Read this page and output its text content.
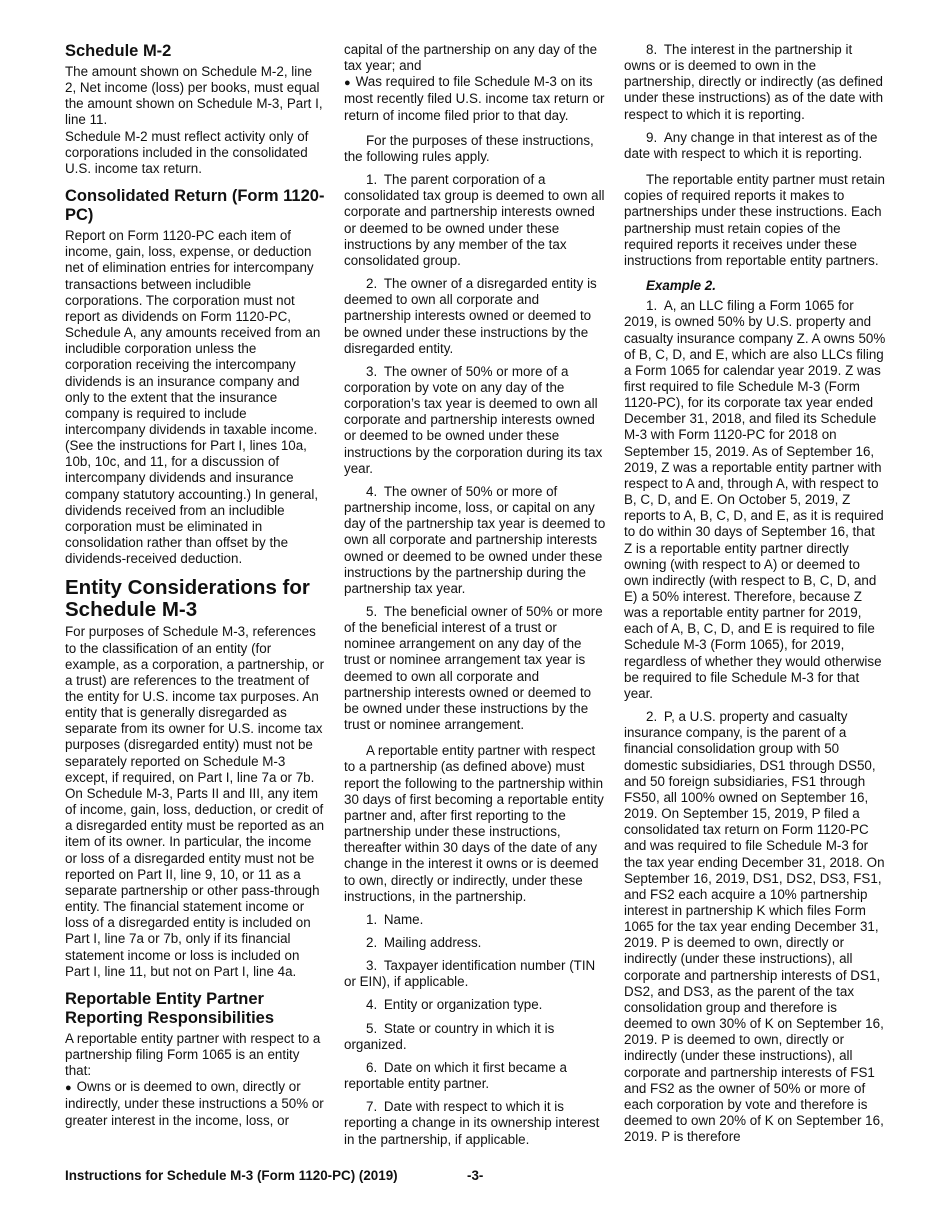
Schedule M-2

The amount shown on Schedule M-2, line 2, Net income (loss) per books, must equal the amount shown on Schedule M-3, Part I, line 11.

Schedule M-2 must reflect activity only of corporations included in the consolidated U.S. income tax return.

Consolidated Return (Form 1120-PC)

Report on Form 1120-PC each item of income, gain, loss, expense, or deduction net of elimination entries for intercompany transactions between includible corporations. The corporation must not report as dividends on Form 1120-PC, Schedule A, any amounts received from an includible corporation unless the corporation receiving the intercompany dividends is an insurance company and only to the extent that the insurance company is required to include intercompany dividends in taxable income. (See the instructions for Part I, lines 10a, 10b, 10c, and 11, for a discussion of intercompany dividends and insurance company statutory accounting.) In general, dividends received from an includible corporation must be eliminated in consolidation rather than offset by the dividends-received deduction.

Entity Considerations for Schedule M-3

For purposes of Schedule M-3, references to the classification of an entity (for example, as a corporation, a partnership, or a trust) are references to the treatment of the entity for U.S. income tax purposes. An entity that is generally disregarded as separate from its owner for U.S. income tax purposes (disregarded entity) must not be separately reported on Schedule M-3 except, if required, on Part I, line 7a or 7b. On Schedule M-3, Parts II and III, any item of income, gain, loss, deduction, or credit of a disregarded entity must be reported as an item of its owner. In particular, the income or loss of a disregarded entity must not be reported on Part II, line 9, 10, or 11 as a separate partnership or other pass-through entity. The financial statement income or loss of a disregarded entity is included on Part I, line 7a or 7b, only if its financial statement income or loss is included on Part I, line 11, but not on Part I, line 4a.

Reportable Entity Partner Reporting Responsibilities

A reportable entity partner with respect to a partnership filing Form 1065 is an entity that:

● Owns or is deemed to own, directly or indirectly, under these instructions a 50% or greater interest in the income, loss, or

capital of the partnership on any day of the tax year; and

● Was required to file Schedule M-3 on its most recently filed U.S. income tax return or return of income filed prior to that day.

For the purposes of these instructions, the following rules apply.

1. The parent corporation of a consolidated tax group is deemed to own all corporate and partnership interests owned or deemed to be owned under these instructions by any member of the tax consolidated group.

2. The owner of a disregarded entity is deemed to own all corporate and partnership interests owned or deemed to be owned under these instructions by the disregarded entity.

3. The owner of 50% or more of a corporation by vote on any day of the corporation’s tax year is deemed to own all corporate and partnership interests owned or deemed to be owned under these instructions by the corporation during its tax year.

4. The owner of 50% or more of partnership income, loss, or capital on any day of the partnership tax year is deemed to own all corporate and partnership interests owned or deemed to be owned under these instructions by the partnership during the partnership tax year.

5. The beneficial owner of 50% or more of the beneficial interest of a trust or nominee arrangement on any day of the trust or nominee arrangement tax year is deemed to own all corporate and partnership interests owned or deemed to be owned under these instructions by the trust or nominee arrangement.

A reportable entity partner with respect to a partnership (as defined above) must report the following to the partnership within 30 days of first becoming a reportable entity partner and, after first reporting to the partnership under these instructions, thereafter within 30 days of the date of any change in the interest it owns or is deemed to own, directly or indirectly, under these instructions, in the partnership.

1. Name.

2. Mailing address.

3. Taxpayer identification number (TIN or EIN), if applicable.

4. Entity or organization type.

5. State or country in which it is organized.

6. Date on which it first became a reportable entity partner.

7. Date with respect to which it is reporting a change in its ownership interest in the partnership, if applicable.

8. The interest in the partnership it owns or is deemed to own in the partnership, directly or indirectly (as defined under these instructions) as of the date with respect to which it is reporting.

9. Any change in that interest as of the date with respect to which it is reporting.

The reportable entity partner must retain copies of required reports it makes to partnerships under these instructions. Each partnership must retain copies of the required reports it receives under these instructions from reportable entity partners.

Example 2.

1. A, an LLC filing a Form 1065 for 2019, is owned 50% by U.S. property and casualty insurance company Z. A owns 50% of B, C, D, and E, which are also LLCs filing a Form 1065 for calendar year 2019. Z was first required to file Schedule M-3 (Form 1120-PC), for its corporate tax year ended December 31, 2018, and filed its Schedule M-3 with Form 1120-PC for 2018 on September 15, 2019. As of September 16, 2019, Z was a reportable entity partner with respect to A and, through A, with respect to B, C, D, and E. On October 5, 2019, Z reports to A, B, C, D, and E, as it is required to do within 30 days of September 16, that Z is a reportable entity partner directly owning (with respect to A) or deemed to own indirectly (with respect to B, C, D, and E) a 50% interest. Therefore, because Z was a reportable entity partner for 2019, each of A, B, C, D, and E is required to file Schedule M-3 (Form 1065), for 2019, regardless of whether they would otherwise be required to file Schedule M-3 for that year.

2. P, a U.S. property and casualty insurance company, is the parent of a financial consolidation group with 50 domestic subsidiaries, DS1 through DS50, and 50 foreign subsidiaries, FS1 through FS50, all 100% owned on September 16, 2019. On September 15, 2019, P filed a consolidated tax return on Form 1120-PC and was required to file Schedule M-3 for the tax year ending December 31, 2018. On September 16, 2019, DS1, DS2, DS3, FS1, and FS2 each acquire a 10% partnership interest in partnership K which files Form 1065 for the tax year ending December 31, 2019. P is deemed to own, directly or indirectly (under these instructions), all corporate and partnership interests of DS1, DS2, and DS3, as the parent of the tax consolidation group and therefore is deemed to own 30% of K on September 16, 2019. P is deemed to own, directly or indirectly (under these instructions), all corporate and partnership interests of FS1 and FS2 as the owner of 50% or more of each corporation by vote and therefore is deemed to own 20% of K on September 16, 2019. P is therefore

Instructions for Schedule M-3 (Form 1120-PC) (2019)	-3-
